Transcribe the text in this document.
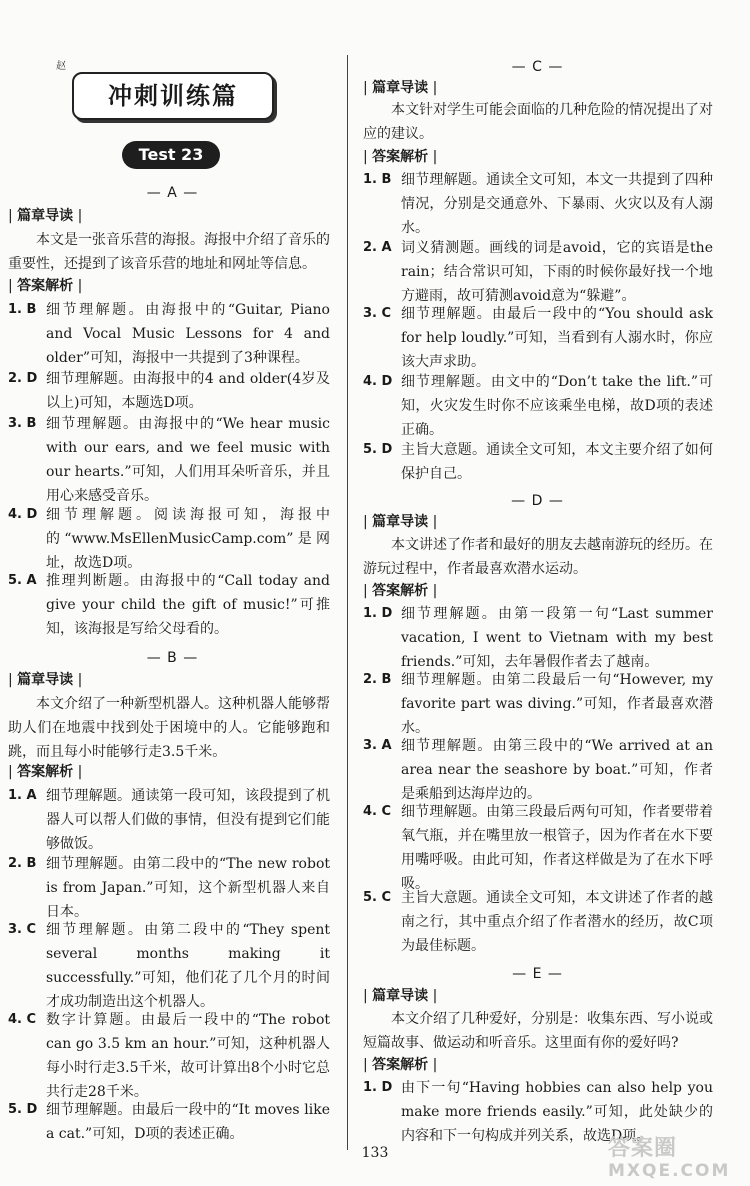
赵
冲刺训练篇
Test 23
— A —
| 篇章导读 |
本文是一张音乐营的海报。海报中介绍了音乐的重要性，还提到了该音乐营的地址和网址等信息。
| 答案解析 |
1. B 细节理解题。由海报中的“Guitar, Piano and Vocal Music Lessons for 4 and older”可知，海报中一共提到了3种课程。
2. D 细节理解题。由海报中的4 and older(4岁及以上)可知，本题选D项。
3. B 细节理解题。由海报中的“We hear music with our ears, and we feel music with our hearts.”可知，人们用耳朵听音乐，并且用心来感受音乐。
4. D 细节理解题。阅读海报可知，海报中的“www.MsEllenMusicCamp.com”是网址，故选D项。
5. A 推理判断题。由海报中的“Call today and give your child the gift of music!”可推知，该海报是写给父母看的。
— B —
| 篇章导读 |
本文介绍了一种新型机器人。这种机器人能够帮助人们在地震中找到处于困境中的人。它能够跑和跳，而且每小时能够行走3.5千米。
| 答案解析 |
1. A 细节理解题。通读第一段可知，该段提到了机器人可以帮人们做的事情，但没有提到它们能够做饭。
2. B 细节理解题。由第二段中的“The new robot is from Japan.”可知，这个新型机器人来自日本。
3. C 细节理解题。由第二段中的“They spent several months making it successfully.”可知，他们花了几个月的时间才成功制造出这个机器人。
4. C 数字计算题。由最后一段中的“The robot can go 3.5 km an hour.”可知，这种机器人每小时行走3.5千米，故可计算出8个小时它总共行走28千米。
5. D 细节理解题。由最后一段中的“It moves like a cat.”可知，D项的表述正确。
— C —
| 篇章导读 |
本文针对学生可能会面临的几种危险的情况提出了对应的建议。
| 答案解析 |
1. B 细节理解题。通读全文可知，本文一共提到了四种情况，分别是交通意外、下暴雨、火灾以及有人溺水。
2. A 词义猜测题。画线的词是avoid，它的宾语是the rain；结合常识可知，下雨的时候你最好找一个地方避雨，故可猜测avoid意为“躲避”。
3. C 细节理解题。由最后一段中的“You should ask for help loudly.”可知，当看到有人溺水时，你应该大声求助。
4. D 细节理解题。由文中的“Don’t take the lift.”可知，火灾发生时你不应该乘坐电梯，故D项的表述正确。
5. D 主旨大意题。通读全文可知，本文主要介绍了如何保护自己。
— D —
| 篇章导读 |
本文讲述了作者和最好的朋友去越南游玩的经历。在游玩过程中，作者最喜欢潜水运动。
| 答案解析 |
1. D 细节理解题。由第一段第一句“Last summer vacation, I went to Vietnam with my best friends.”可知，去年暑假作者去了越南。
2. B 细节理解题。由第二段最后一句“However, my favorite part was diving.”可知，作者最喜欢潜水。
3. A 细节理解题。由第三段中的“We arrived at an area near the seashore by boat.”可知，作者是乘船到达海岸边的。
4. C 细节理解题。由第三段最后两句可知，作者要带着氧气瓶，并在嘴里放一根管子，因为作者在水下要用嘴呼吸。由此可知，作者这样做是为了在水下呼吸。
5. C 主旨大意题。通读全文可知，本文讲述了作者的越南之行，其中重点介绍了作者潜水的经历，故C项为最佳标题。
— E —
| 篇章导读 |
本文介绍了几种爱好，分别是：收集东西、写小说或短篇故事、做运动和听音乐。这里面有你的爱好吗?
| 答案解析 |
1. D 由下一句“Having hobbies can also help you make more friends easily.”可知，此处缺少的内容和下一句构成并列关系，故选D项。
133	答案圈
MXQE.COM
